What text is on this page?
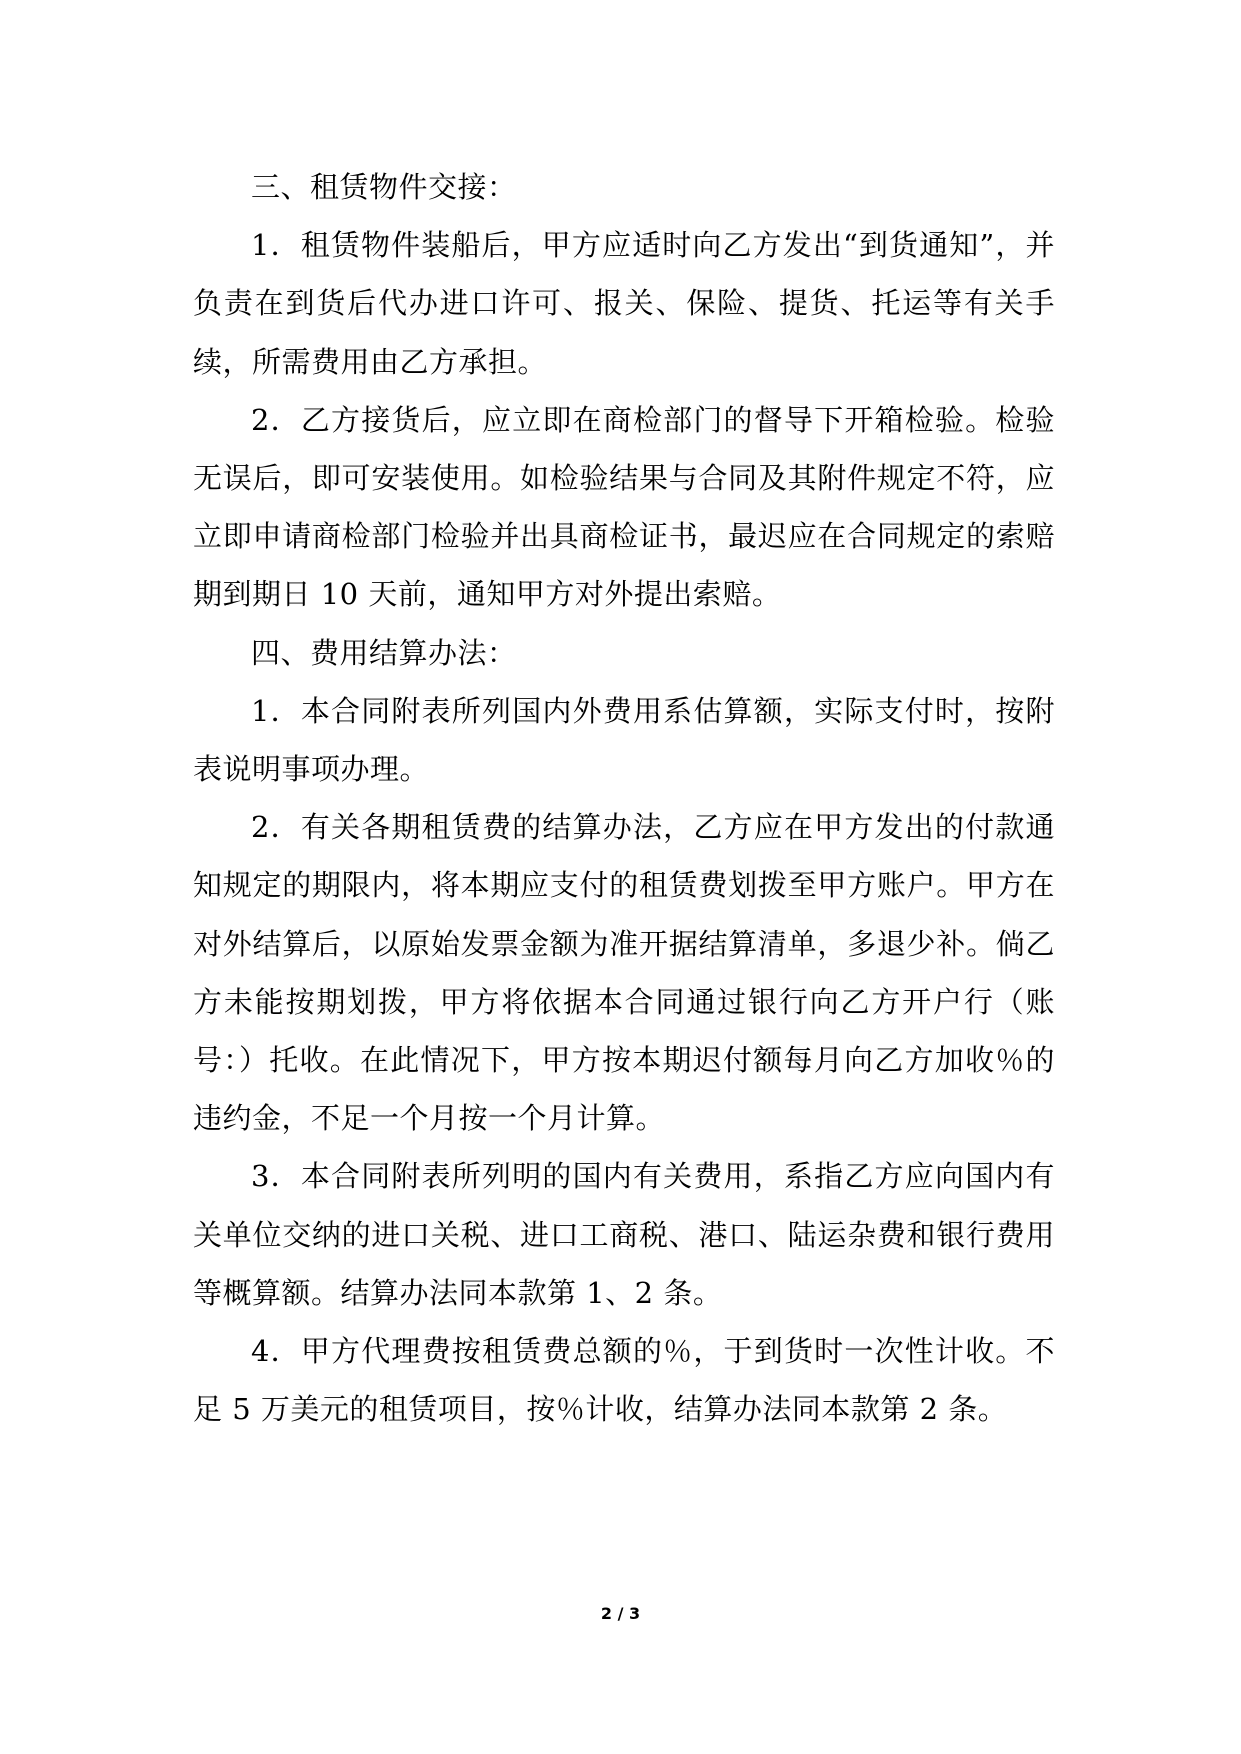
三、租赁物件交接：

1．租赁物件装船后，甲方应适时向乙方发出“到货通知”，并负责在到货后代办进口许可、报关、保险、提货、托运等有关手续，所需费用由乙方承担。

2．乙方接货后，应立即在商检部门的督导下开箱检验。检验无误后，即可安装使用。如检验结果与合同及其附件规定不符，应立即申请商检部门检验并出具商检证书，最迟应在合同规定的索赔期到期日 10 天前，通知甲方对外提出索赔。

四、费用结算办法：

1．本合同附表所列国内外费用系估算额，实际支付时，按附表说明事项办理。

2．有关各期租赁费的结算办法，乙方应在甲方发出的付款通知规定的期限内，将本期应支付的租赁费划拨至甲方账户。甲方在对外结算后，以原始发票金额为准开据结算清单，多退少补。倘乙方未能按期划拨，甲方将依据本合同通过银行向乙方开户行（账号：）托收。在此情况下，甲方按本期迟付额每月向乙方加收％的违约金，不足一个月按一个月计算。

3．本合同附表所列明的国内有关费用，系指乙方应向国内有关单位交纳的进口关税、进口工商税、港口、陆运杂费和银行费用等概算额。结算办法同本款第 1、2 条。

4．甲方代理费按租赁费总额的％，于到货时一次性计收。不足 5 万美元的租赁项目，按％计收，结算办法同本款第 2 条。

2 / 3
